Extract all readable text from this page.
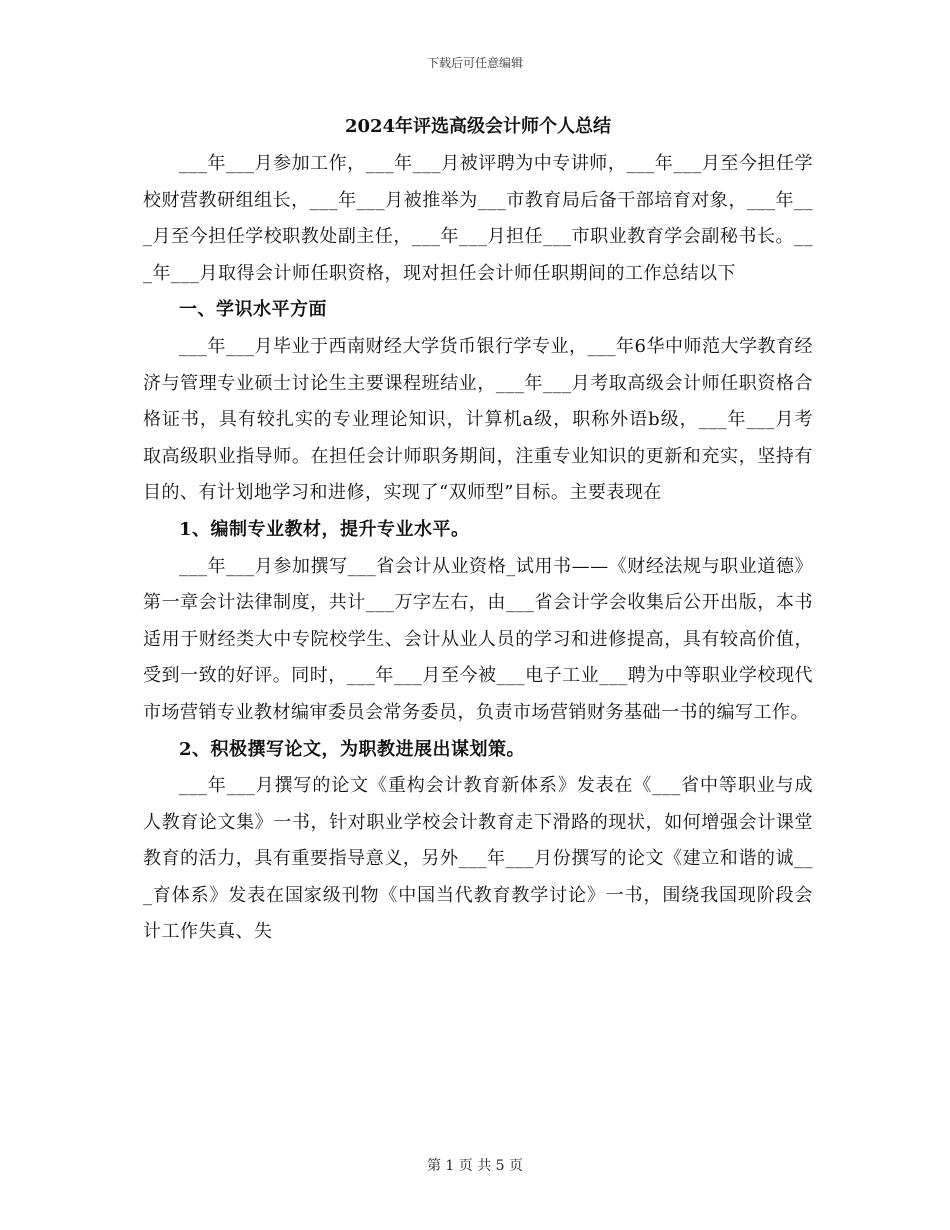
下载后可任意编辑
2024年评选高级会计师个人总结

___年___月参加工作，___年___月被评聘为中专讲师，___年___月至今担任学校财营教研组组长，___年___月被推举为___市教育局后备干部培育对象，___年___月至今担任学校职教处副主任，___年___月担任___市职业教育学会副秘书长。___年___月取得会计师任职资格，现对担任会计师任职期间的工作总结以下

一、学识水平方面

___年___月毕业于西南财经大学货币银行学专业，___年6华中师范大学教育经济与管理专业硕士讨论生主要课程班结业，___年___月考取高级会计师任职资格合格证书，具有较扎实的专业理论知识，计算机a级，职称外语b级，___年___月考取高级职业指导师。在担任会计师职务期间，注重专业知识的更新和充实，坚持有目的、有计划地学习和进修，实现了“双师型”目标。主要表现在

1、编制专业教材，提升专业水平。

___年___月参加撰写___省会计从业资格_试用书——《财经法规与职业道德》第一章会计法律制度，共计___万字左右，由___省会计学会收集后公开出版，本书适用于财经类大中专院校学生、会计从业人员的学习和进修提高，具有较高价值，受到一致的好评。同时，___年___月至今被___电子工业___聘为中等职业学校现代市场营销专业教材编审委员会常务委员，负责市场营销财务基础一书的编写工作。

2、积极撰写论文，为职教进展出谋划策。

___年___月撰写的论文《重构会计教育新体系》发表在《___省中等职业与成人教育论文集》一书，针对职业学校会计教育走下滑路的现状，如何增强会计课堂教育的活力，具有重要指导意义，另外___年___月份撰写的论文《建立和谐的诚___育体系》发表在国家级刊物《中国当代教育教学讨论》一书，围绕我国现阶段会计工作失真、失

第 1 页 共 5 页
